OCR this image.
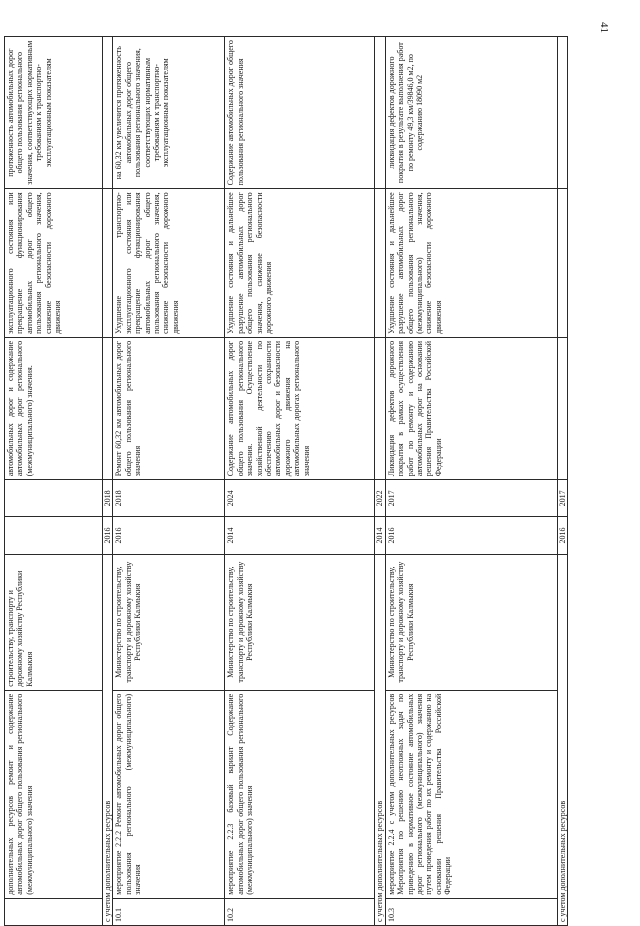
41
	дополнительных ресурсов ремонт и содержание автомобильных дорог общего пользования регионального (межмуниципального) значения	строительству, транспорту и дорожному хозяйству Республики Калмыкия			автомобильных дорог и содержание автомобильных дорог регионального (межмуниципального) значения.	эксплуатационного состояния или прекращение функционирования автомобильных дорог общего пользования регионального значения, снижение безопасности дорожного движения	протяженность автомобильных дорог общего пользования регионального значения, соответствующих нормативным требованиям к транспортно-эксплуатационным показателям
с учетом дополнительных ресурсов			2016	2018			
10.1	мероприятие 2.2.2 Ремонт автомобильных дорог общего пользования регионального (межмуниципального) значения	Министерство по строительству, транспорту и дорожному хозяйству Республики Калмыкия	2016	2018	Ремонт 60,32 км автомобильных дорог общего пользования регионального значения	Ухудшение транспортно-эксплуатационного состояния или прекращение функционирования автомобильных дорог общего пользования регионального значения, снижение безопасности дорожного движения	на 60,32 км увеличится протяженность автомобильных дорог общего пользования регионального значения, соответствующих нормативным требованиям к транспортно-эксплуатационным показателям
10.2	мероприятие 2.2.3 базовый вариант Содержание автомобильных дорог общего пользования регионального (межмуниципального) значения	Министерство по строительству, транспорту и дорожному хозяйству Республики Калмыкия	2014	2024	Содержание автомобильных дорог общего пользования регионального значения. Осуществление хозяйственной деятельности по обеспечению сохранности автомобильных дорог и безопасности дорожного движения на автомобильных дорогах регионального значения	Ухудшение состояния и дальнейшее разрушение автомобильных дорог общего пользования регионального значения, снижение безопасности дорожного движения	Содержание автомобильных дорог общего пользования регионального значения
с учетом дополнительных ресурсов			2014	2022			
10.3	мероприятие 2.2.4 с учетом дополнительных ресурсов Мероприятия по решению неотложных задач по приведению в нормативное состояние автомобильных дорог регионального (межмуниципального) значения путем проведения работ по их ремонту и содержанию на основании решения Правительства Российской Федерации	Министерство по строительству, транспорту и дорожному хозяйству Республики Калмыкия	2016	2017	Ликвидация дефектов дорожного покрытия в рамках осуществления работ по ремонту и содержанию автомобильных дорог на основании решения Правительства Российской Федерации	Ухудшение состояния и дальнейшее разрушение автомобильных дорог общего пользования регионального (межмуниципального) значения, снижение безопасности дорожного движения	ликвидация дефектов дорожного покрытия в результате выполнения работ по ремонту 49,3 км/39846,0 м2, по содержанию 18090 м2
с учетом дополнительных ресурсов			2016	2017			
